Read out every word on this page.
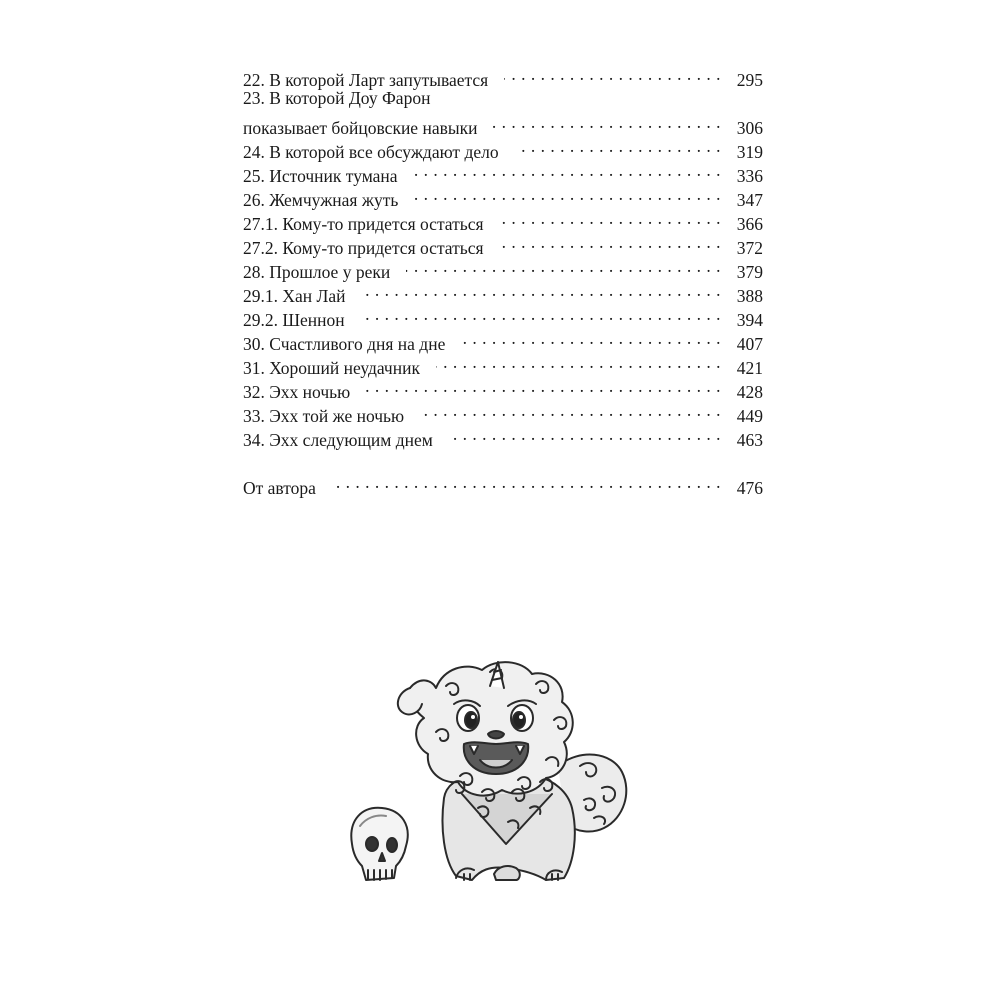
22. В которой Ларт запутывается . . .	295
23. В которой Доу Фарон
показывает бойцовские навыки . . .	306
24. В которой все обсуждают дело . . .	319
25. Источник тумана . . .	336
26. Жемчужная жуть . . .	347
27.1. Кому-то придется остаться . . .	366
27.2. Кому-то придется остаться . . .	372
28. Прошлое у реки . . .	379
29.1. Хан Лай . . .	388
29.2. Шеннон . . .	394
30. Счастливого дня на дне . . .	407
31. Хороший неудачник . . .	421
32. Эхх ночью . . .	428
33. Эхх той же ночью . . .	449
34. Эхх следующим днем . . .	463
От автора . . .	476
